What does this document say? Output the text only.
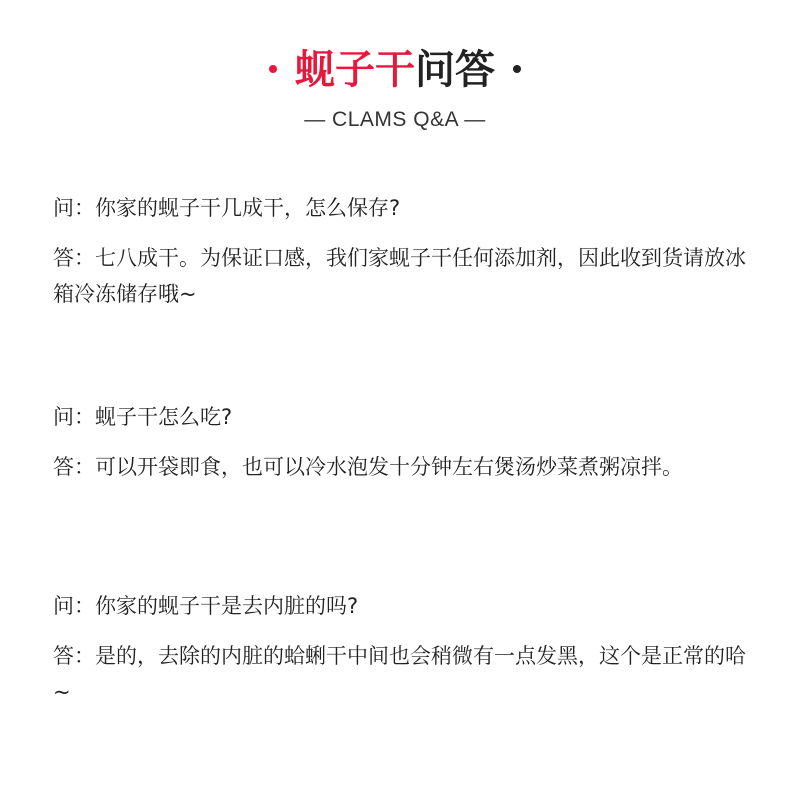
蚬子干问答
— CLAMS Q&A —

问：你家的蚬子干几成干，怎么保存?

答：七八成干。为保证口感，我们家蚬子干任何添加剂，因此收到货请放冰箱冷冻储存哦~

问：蚬子干怎么吃?

答：可以开袋即食，也可以冷水泡发十分钟左右煲汤炒菜煮粥凉拌。

问：你家的蚬子干是去内脏的吗?

答：是的，去除的内脏的蛤蜊干中间也会稍微有一点发黑，这个是正常的哈~
